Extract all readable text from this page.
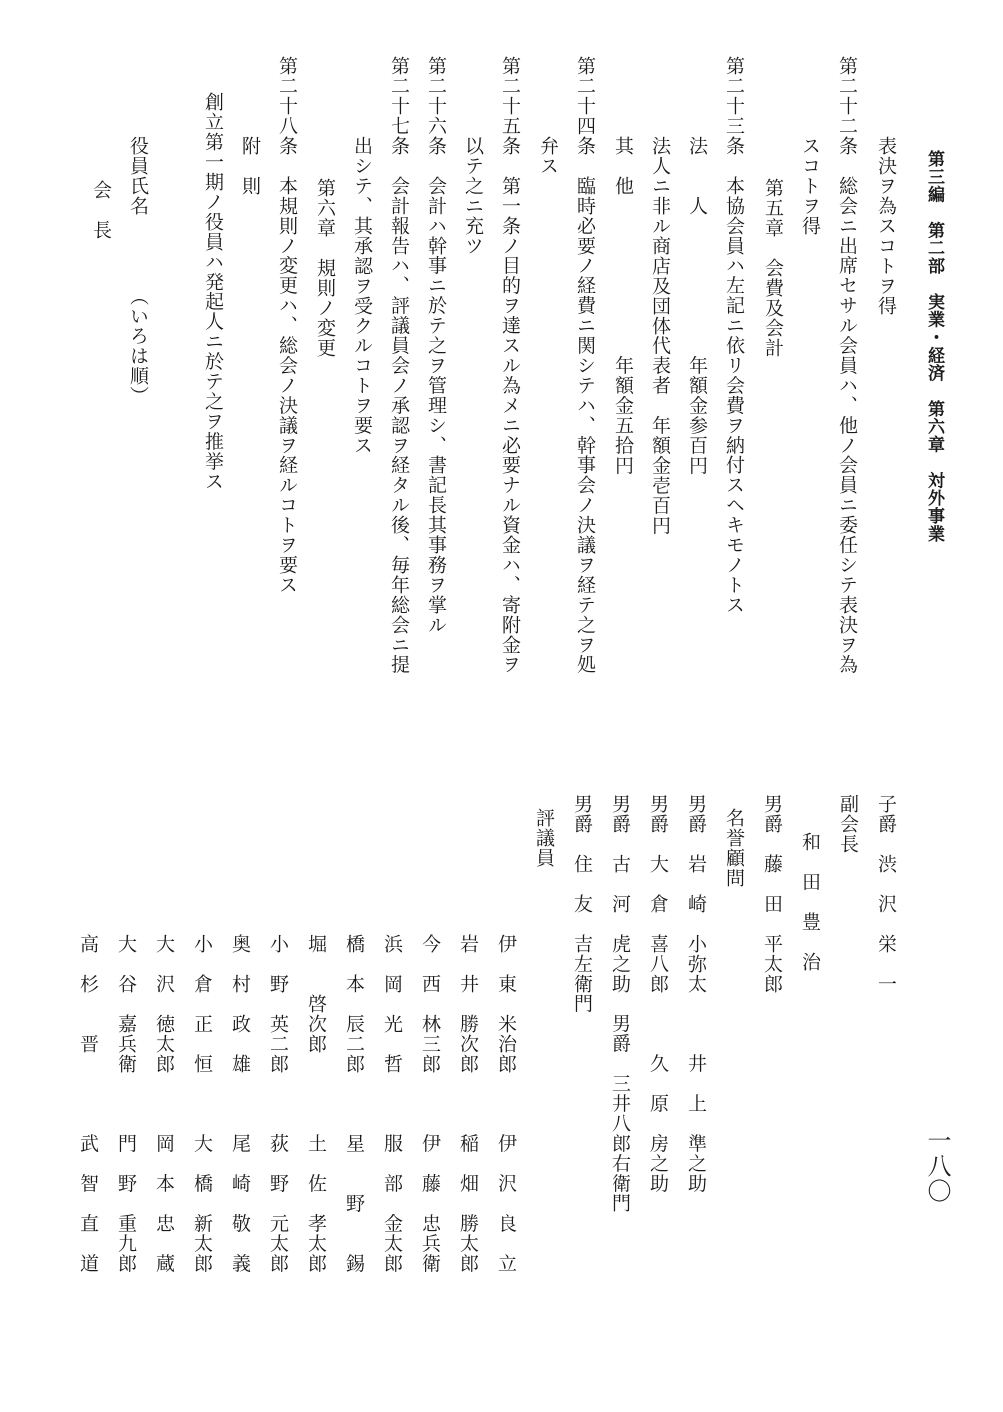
第三編　第二部　実業・経済　第六章　対外事業
一八〇
表決ヲ為スコトヲ得
第二十二条　総会ニ出席セサル会員ハ、他ノ会員ニ委任シテ表決ヲ為
スコトヲ得
第五章　会費及会計
第二十三条　本協会員ハ左記ニ依リ会費ヲ納付スヘキモノトス
法　　人　　　　　　　年額金参百円
法人ニ非ル商店及団体代表者　年額金壱百円
其　他　　　　　　　　年額金五拾円
第二十四条　臨時必要ノ経費ニ関シテハ、幹事会ノ決議ヲ経テ之ヲ処
弁ス
第二十五条　第一条ノ目的ヲ達スル為メニ必要ナル資金ハ、寄附金ヲ
以テ之ニ充ツ
第二十六条　会計ハ幹事ニ於テ之ヲ管理シ、書記長其事務ヲ掌ル
第二十七条　会計報告ハ、評議員会ノ承認ヲ経タル後、毎年総会ニ提
出シテ、其承認ヲ受クルコトヲ要ス
第六章　規則ノ変更
第二十八条　本規則ノ変更ハ、総会ノ決議ヲ経ルコトヲ要ス
附　則
創立第一期ノ役員ハ発起人ニ於テ之ヲ推挙ス
役員氏名　　　　（いろは順）
会　長
子爵　渋　沢　栄　一
副会長
和　田　豊　治
男爵　藤　田　平太郎
名誉顧問
男爵　岩　崎　小弥太　　　井　上　準之助
男爵　大　倉　喜八郎　　　久　原　房之助
男爵　古　河　虎之助　男爵　三井八郎右衛門
男爵　住　友　吉左衛門
評議員
伊　東　米治郎　　　伊　沢　良　立
岩　井　勝次郎　　　稲　畑　勝太郎
今　西　林三郎　　　伊　藤　忠兵衛
浜　岡　光　哲　　　服　部　金太郎
橋　本　辰二郎　　　星　　野　　錫
堀　　啓次郎　　　　土　佐　孝太郎
小　野　英二郎　　　荻　野　元太郎
奥　村　政　雄　　　尾　崎　敬　義
小　倉　正　恒　　　大　橋　新太郎
大　沢　徳太郎　　　岡　本　忠　蔵
大　谷　嘉兵衛　　　門　野　重九郎
高　杉　　晋　　　　武　智　直　道
